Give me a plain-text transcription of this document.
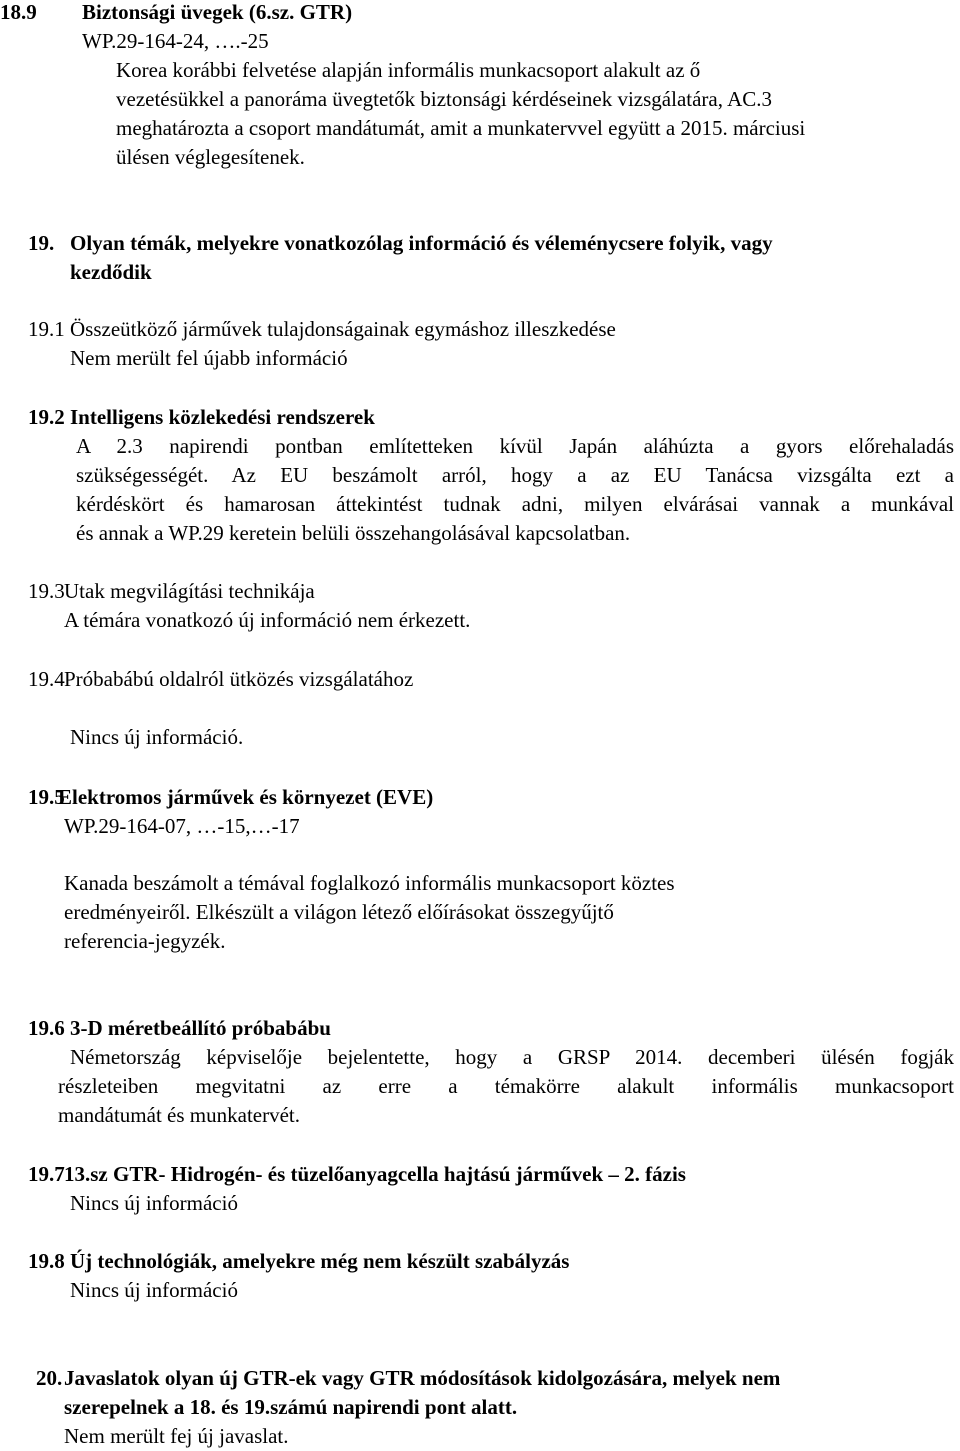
18.9 Biztonsági üvegek (6.sz. GTR)
WP.29-164-24, ….-25
Korea korábbi felvetése alapján informális munkacsoport alakult az ő
vezetésükkel a panoráma üvegtetők biztonsági kérdéseinek vizsgálatára, AC.3
meghatározta a csoport mandátumát, amit a munkatervvel együtt a 2015. márciusi
ülésen véglegesítenek.
19. Olyan témák, melyekre vonatkozólag információ és véleménycsere folyik, vagy
kezdődik
19.1 Összeütköző járművek tulajdonságainak egymáshoz illeszkedése
Nem merült fel újabb információ
19.2 Intelligens közlekedési rendszerek
A 2.3 napirendi pontban említetteken kívül Japán aláhúzta a gyors előrehaladás
szükségességét. Az EU beszámolt arról, hogy a az EU Tanácsa vizsgálta ezt a
kérdéskört és hamarosan áttekintést tudnak adni, milyen elvárásai vannak a munkával
és annak a WP.29 keretein belüli összehangolásával kapcsolatban.
19.3 Utak megvilágítási technikája
A témára vonatkozó új információ nem érkezett.
19.4 Próbabábú oldalról ütközés vizsgálatához
Nincs új információ.
19.5
Elektromos járművek és környezet (EVE)
WP.29-164-07, …-15,…-17
Kanada beszámolt a témával foglalkozó informális munkacsoport köztes
eredményeiről. Elkészült a világon létező előírásokat összegyűjtő
referencia-jegyzék.
19.6 3-D méretbeállító próbabábu
Németország képviselője bejelentette, hogy a GRSP 2014. decemberi ülésén fogják
részleteiben megvitatni az erre a témakörre alakult informális munkacsoport
mandátumát és munkatervét.
19.7 13.sz GTR- Hidrogén- és tüzelőanyagcella hajtású járművek – 2. fázis
Nincs új információ
19.8 Új technológiák, amelyekre még nem készült szabályzás
Nincs új információ
20. Javaslatok olyan új GTR-ek vagy GTR módosítások kidolgozására, melyek nem
szerepelnek a 18. és 19.számú napirendi pont alatt.
Nem merült fej új javaslat.
